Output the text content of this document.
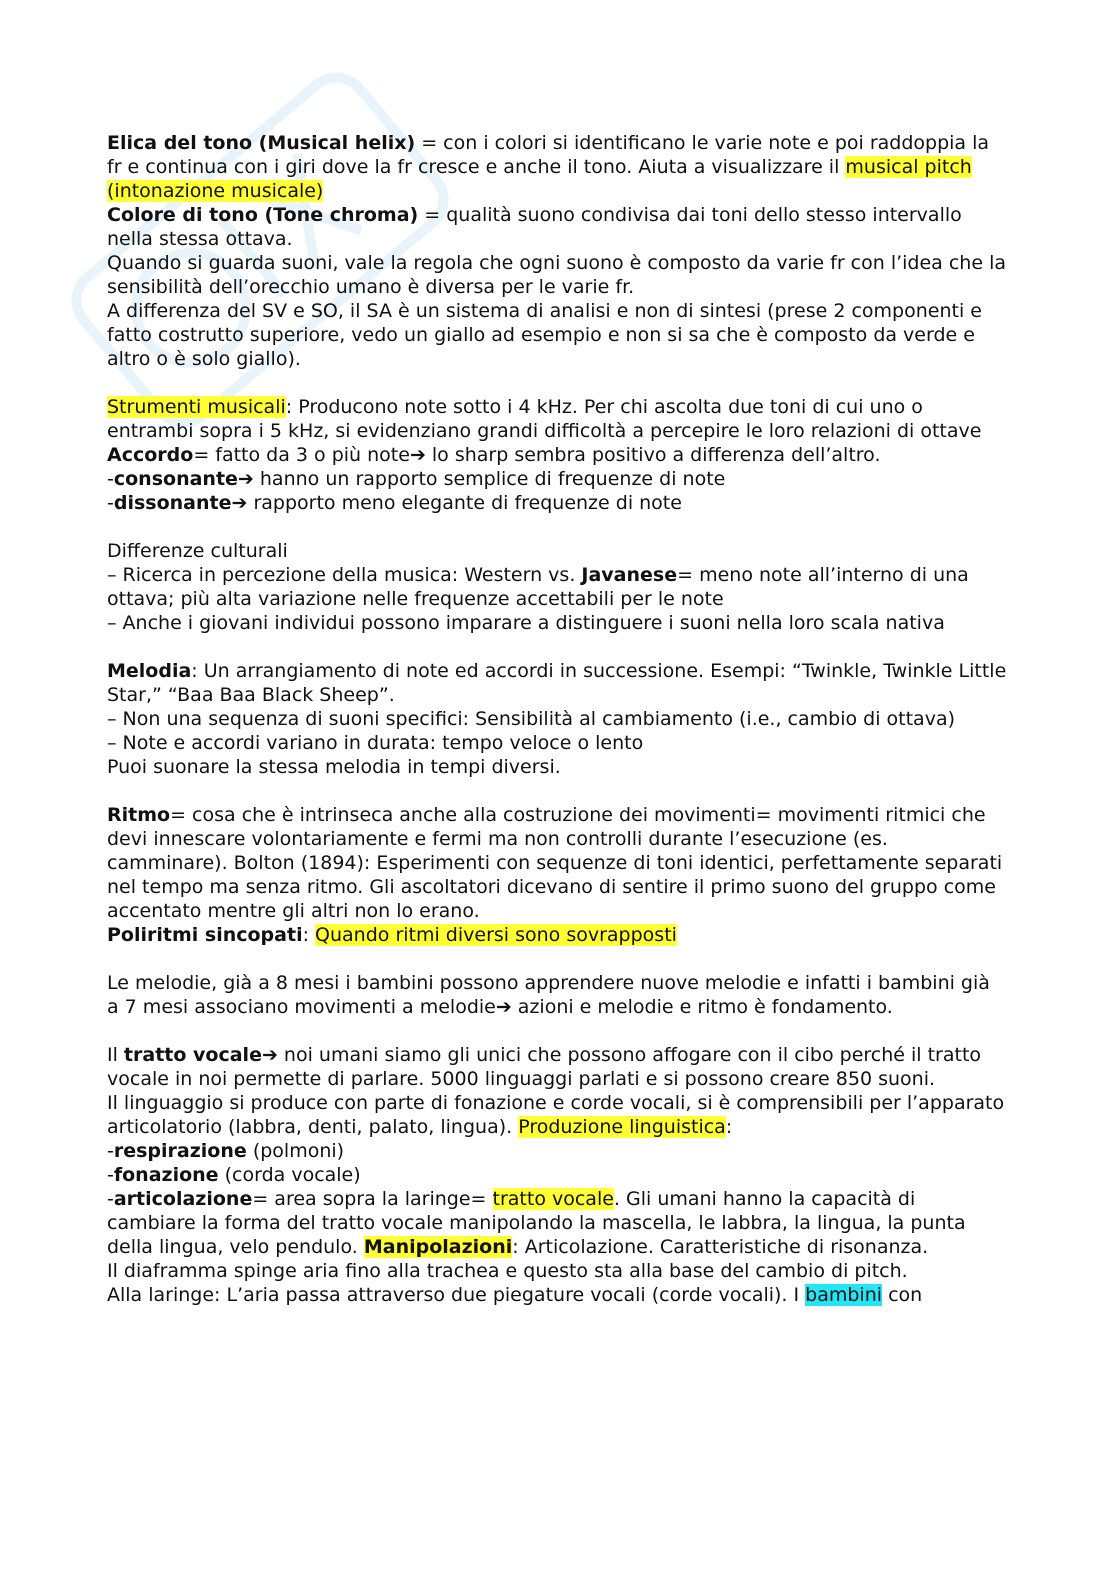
Elica del tono (Musical helix) = con i colori si identificano le varie note e poi raddoppia la fr e continua con i giri dove la fr cresce e anche il tono. Aiuta a visualizzare il musical pitch (intonazione musicale)

Colore di tono (Tone chroma) = qualità suono condivisa dai toni dello stesso intervallo nella stessa ottava.

Quando si guarda suoni, vale la regola che ogni suono è composto da varie fr con l’idea che la sensibilità dell’orecchio umano è diversa per le varie fr.

A differenza del SV e SO, il SA è un sistema di analisi e non di sintesi (prese 2 componenti e fatto costrutto superiore, vedo un giallo ad esempio e non si sa che è composto da verde e altro o è solo giallo).

Strumenti musicali: Producono note sotto i 4 kHz. Per chi ascolta due toni di cui uno o entrambi sopra i 5 kHz, si evidenziano grandi difficoltà a percepire le loro relazioni di ottave

Accordo= fatto da 3 o più note➔ lo sharp sembra positivo a differenza dell’altro.

-consonante➔ hanno un rapporto semplice di frequenze di note

-dissonante➔ rapporto meno elegante di frequenze di note

Differenze culturali

– Ricerca in percezione della musica: Western vs. Javanese= meno note all’interno di una ottava; più alta variazione nelle frequenze accettabili per le note

– Anche i giovani individui possono imparare a distinguere i suoni nella loro scala nativa

Melodia: Un arrangiamento di note ed accordi in successione. Esempi: “Twinkle, Twinkle Little Star,” “Baa Baa Black Sheep”.

– Non una sequenza di suoni specifici: Sensibilità al cambiamento (i.e., cambio di ottava)

– Note e accordi variano in durata: tempo veloce o lento

Puoi suonare la stessa melodia in tempi diversi.

Ritmo= cosa che è intrinseca anche alla costruzione dei movimenti= movimenti ritmici che devi innescare volontariamente e fermi ma non controlli durante l’esecuzione (es. camminare). Bolton (1894): Esperimenti con sequenze di toni identici, perfettamente separati nel tempo ma senza ritmo. Gli ascoltatori dicevano di sentire il primo suono del gruppo come accentato mentre gli altri non lo erano.

Poliritmi sincopati: Quando ritmi diversi sono sovrapposti

Le melodie, già a 8 mesi i bambini possono apprendere nuove melodie e infatti i bambini già a 7 mesi associano movimenti a melodie➔ azioni e melodie e ritmo è fondamento.

Il tratto vocale➔ noi umani siamo gli unici che possono affogare con il cibo perché il tratto vocale in noi permette di parlare. 5000 linguaggi parlati e si possono creare 850 suoni.

Il linguaggio si produce con parte di fonazione e corde vocali, si è comprensibili per l’apparato articolatorio (labbra, denti, palato, lingua). Produzione linguistica:

-respirazione (polmoni)

-fonazione (corda vocale)

-articolazione= area sopra la laringe= tratto vocale. Gli umani hanno la capacità di cambiare la forma del tratto vocale manipolando la mascella, le labbra, la lingua, la punta della lingua, velo pendulo. Manipolazioni: Articolazione. Caratteristiche di risonanza.

Il diaframma spinge aria fino alla trachea e questo sta alla base del cambio di pitch.

Alla laringe: L’aria passa attraverso due piegature vocali (corde vocali). I bambini con
